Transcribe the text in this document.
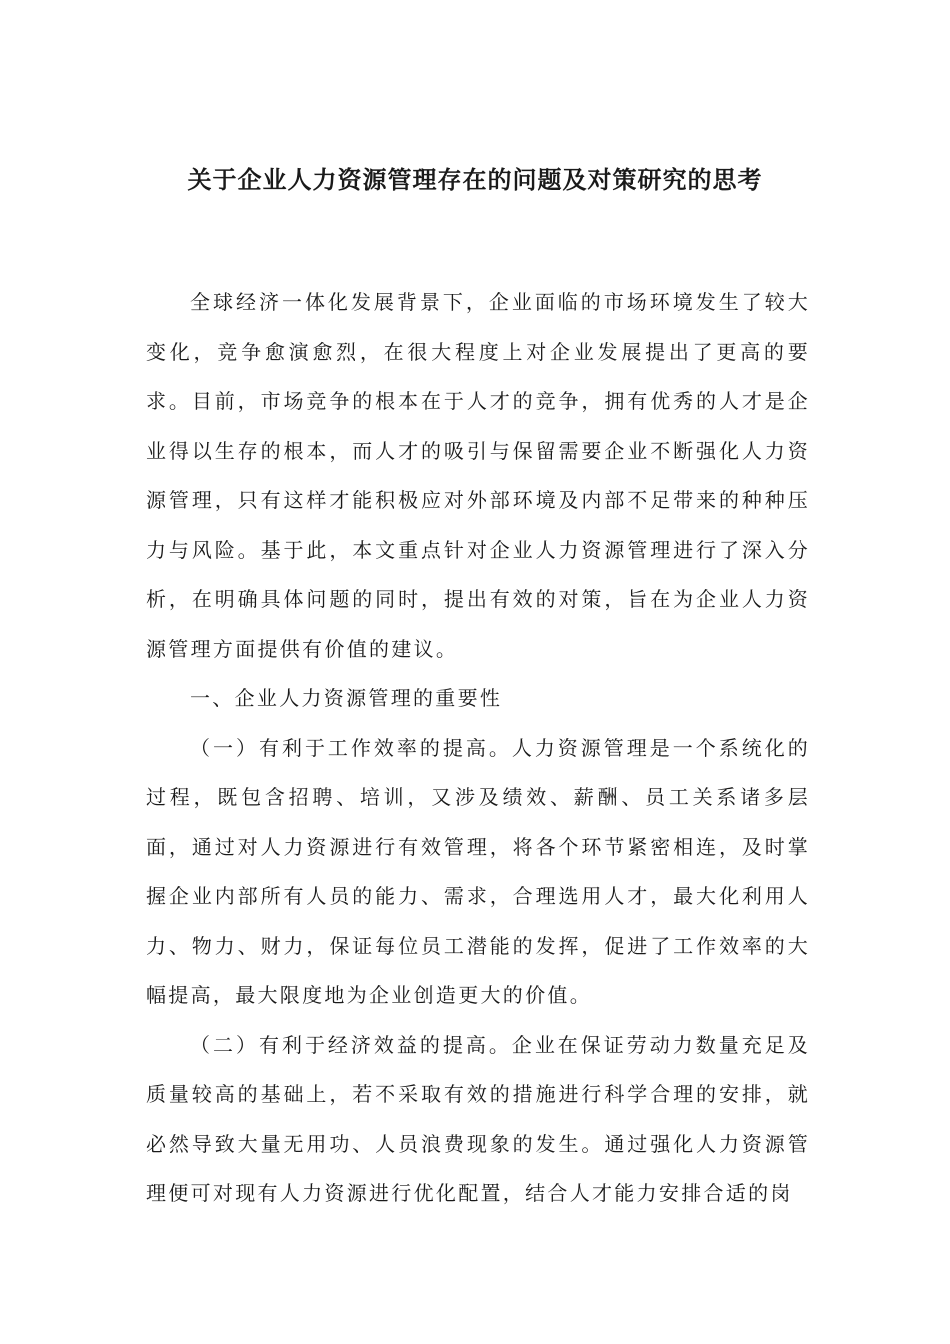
关于企业人力资源管理存在的问题及对策研究的思考

全球经济一体化发展背景下，企业面临的市场环境发生了较大变化，竞争愈演愈烈，在很大程度上对企业发展提出了更高的要求。目前，市场竞争的根本在于人才的竞争，拥有优秀的人才是企业得以生存的根本，而人才的吸引与保留需要企业不断强化人力资源管理，只有这样才能积极应对外部环境及内部不足带来的种种压力与风险。基于此，本文重点针对企业人力资源管理进行了深入分析，在明确具体问题的同时，提出有效的对策，旨在为企业人力资源管理方面提供有价值的建议。

一、企业人力资源管理的重要性

（一）有利于工作效率的提高。人力资源管理是一个系统化的过程，既包含招聘、培训，又涉及绩效、薪酬、员工关系诸多层面，通过对人力资源进行有效管理，将各个环节紧密相连，及时掌握企业内部所有人员的能力、需求，合理选用人才，最大化利用人力、物力、财力，保证每位员工潜能的发挥，促进了工作效率的大幅提高，最大限度地为企业创造更大的价值。

（二）有利于经济效益的提高。企业在保证劳动力数量充足及质量较高的基础上，若不采取有效的措施进行科学合理的安排，就必然导致大量无用功、人员浪费现象的发生。通过强化人力资源管理便可对现有人力资源进行优化配置，结合人才能力安排合适的岗
